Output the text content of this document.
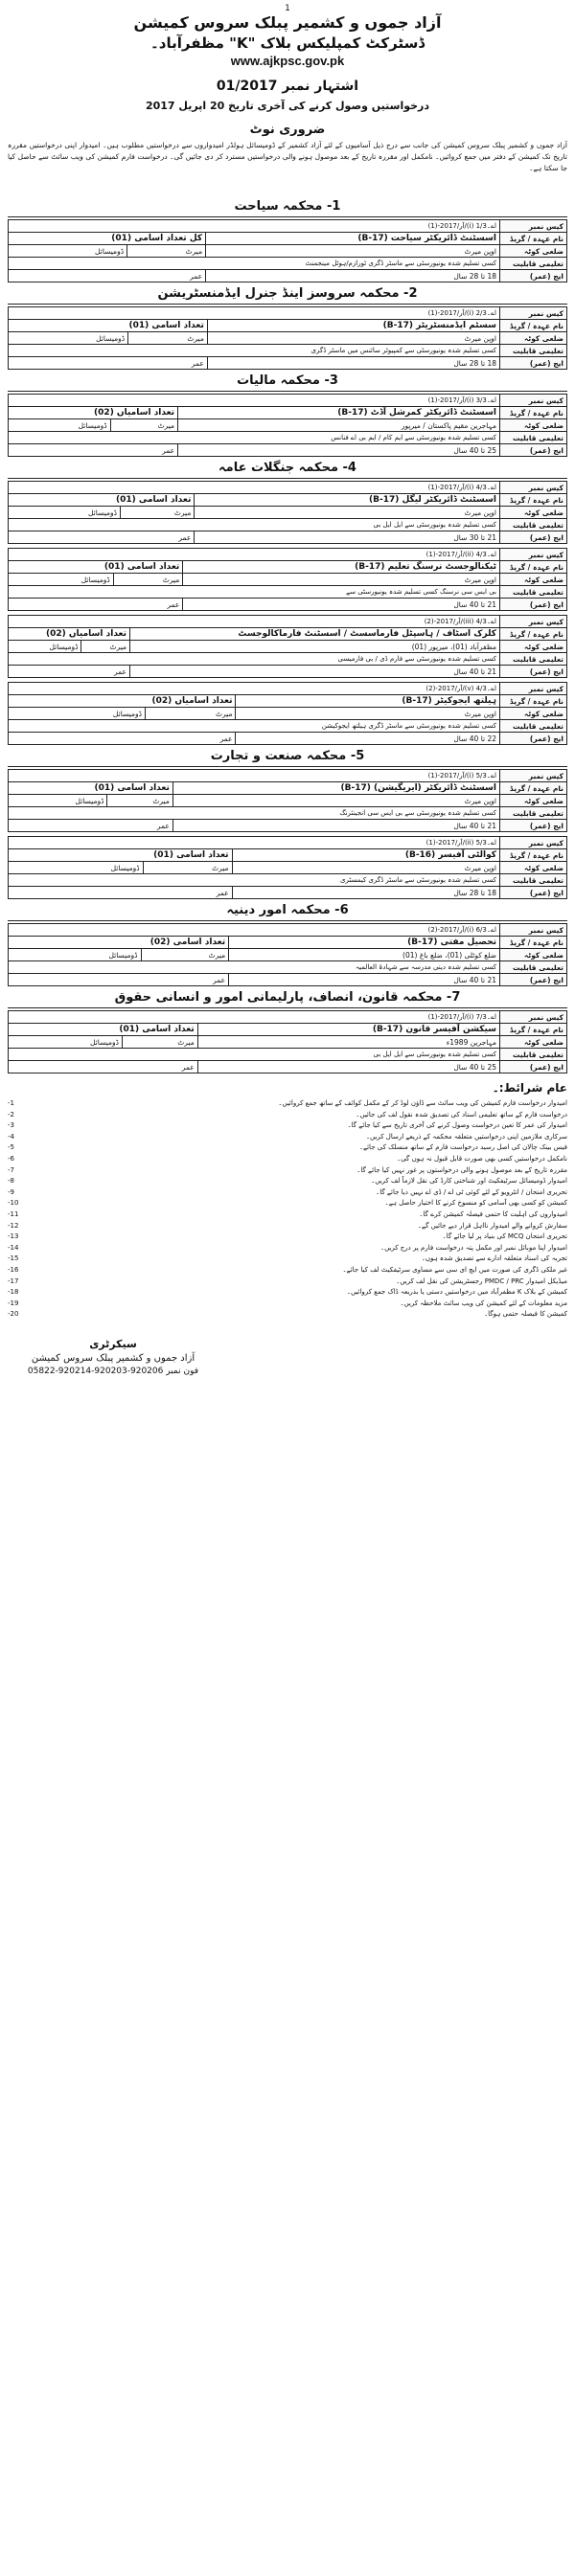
1
آزاد جموں و کشمیر پبلک سروس کمیشن
ڈسٹرکٹ کمپلیکس بلاک "K" مظفرآباد۔
www.ajkpsc.gov.pk
اشتہار نمبر 01/2017
درخواستیں وصول کرنے کی آخری تاریخ 20 اپریل 2017
ضروری نوٹ
آزاد جموں و کشمیر پبلک سروس کمیشن کی جانب سے درج ذیل آسامیوں کے لئے آزاد کشمیر کے ڈومیسائل ہولڈر امیدواروں سے درخواستیں مطلوب ہیں۔ امیدوار اپنی درخواستیں مقررہ تاریخ تک کمیشن کے دفتر میں جمع کروائیں۔ نامکمل اور مقررہ تاریخ کے بعد موصول ہونے والی درخواستیں مسترد کر دی جائیں گی۔ درخواست فارم کمیشن کی ویب سائٹ سے حاصل کیا جا سکتا ہے۔
1- محکمہ سیاحت
کیس نمبر	اے۔1/3 (i)/آر/2017-(1)		
نام عہدہ / گریڈ	اسسٹنٹ ڈائریکٹر سیاحت (B-17)	کل تعداد اسامی (01)	
ضلعی کوٹہ	اوپن میرٹ	میرٹ	ڈومیسائل
تعلیمی قابلیت	کسی تسلیم شدہ یونیورسٹی سے ماسٹر ڈگری ٹورازم/ہوٹل مینجمنٹ		
ایج (عمر)	18 تا 28 سال	عمر	
2- محکمہ سروسز اینڈ جنرل ایڈمنسٹریشن
کیس نمبر	اے۔2/3 (i)/آر/2017-(1)		
نام عہدہ / گریڈ	سسٹم ایڈمنسٹریٹر (B-17)	تعداد اسامی (01)	
ضلعی کوٹہ	اوپن میرٹ	میرٹ	ڈومیسائل
تعلیمی قابلیت	کسی تسلیم شدہ یونیورسٹی سے کمپیوٹر سائنس میں ماسٹر ڈگری		
ایج (عمر)	18 تا 28 سال	عمر	
3- محکمہ مالیات
کیس نمبر	اے۔3/3 (i)/آر/2017-(1)		
نام عہدہ / گریڈ	اسسٹنٹ ڈائریکٹر کمرشل آڈٹ (B-17)	تعداد اسامیاں (02)	
ضلعی کوٹہ	مہاجرین مقیم پاکستان / میرپور	میرٹ	ڈومیسائل
تعلیمی قابلیت	کسی تسلیم شدہ یونیورسٹی سے ایم کام / ایم بی اے فنانس		
ایج (عمر)	25 تا 40 سال	عمر	
4- محکمہ جنگلات عامہ
کیس نمبر	اے۔4/3 (i)/آر/2017-(1)		
نام عہدہ / گریڈ	اسسٹنٹ ڈائریکٹر لیگل (B-17)	تعداد اسامی (01)	
ضلعی کوٹہ	اوپن میرٹ	میرٹ	ڈومیسائل
تعلیمی قابلیت	کسی تسلیم شدہ یونیورسٹی سے ایل ایل بی		
ایج (عمر)	21 تا 30 سال	عمر	
کیس نمبر	اے۔4/3 (ii)/آر/2017-(1)		
نام عہدہ / گریڈ	ٹیکنالوجسٹ نرسنگ تعلیم (B-17)	تعداد اسامی (01)	
ضلعی کوٹہ	اوپن میرٹ	میرٹ	ڈومیسائل
تعلیمی قابلیت	بی ایس سی نرسنگ کسی تسلیم شدہ یونیورسٹی سے		
ایج (عمر)	21 تا 40 سال	عمر	
کیس نمبر	اے۔4/3 (iii)/آر/2017-(2)		
نام عہدہ / گریڈ	کلرک اسٹاف / ہاسپٹل فارماسسٹ / اسسٹنٹ فارماکالوجسٹ	تعداد اسامیاں (02)	
ضلعی کوٹہ	مظفرآباد (01)، میرپور (01)	میرٹ	ڈومیسائل
تعلیمی قابلیت	کسی تسلیم شدہ یونیورسٹی سے فارم ڈی / بی فارمیسی		
ایج (عمر)	21 تا 40 سال	عمر	
کیس نمبر	اے۔4/3 (v)/آر/2017-(2)		
نام عہدہ / گریڈ	ہیلتھ ایجوکیٹر (B-17)	تعداد اسامیاں (02)	
ضلعی کوٹہ	اوپن میرٹ	میرٹ	ڈومیسائل
تعلیمی قابلیت	کسی تسلیم شدہ یونیورسٹی سے ماسٹر ڈگری ہیلتھ ایجوکیشن		
ایج (عمر)	22 تا 40 سال	عمر	
5- محکمہ صنعت و تجارت
کیس نمبر	اے۔5/3 (i)/آر/2017-(1)		
نام عہدہ / گریڈ	اسسٹنٹ ڈائریکٹر (ایریگیشن) (B-17)	تعداد اسامی (01)	
ضلعی کوٹہ	اوپن میرٹ	میرٹ	ڈومیسائل
تعلیمی قابلیت	کسی تسلیم شدہ یونیورسٹی سے بی ایس سی انجینئرنگ		
ایج (عمر)	21 تا 40 سال	عمر	
کیس نمبر	اے۔5/3 (ii)/آر/2017-(1)		
نام عہدہ / گریڈ	کوالٹی آفیسر (B-16)	تعداد اسامی (01)	
ضلعی کوٹہ	اوپن میرٹ	میرٹ	ڈومیسائل
تعلیمی قابلیت	کسی تسلیم شدہ یونیورسٹی سے ماسٹر ڈگری کیمسٹری		
ایج (عمر)	18 تا 28 سال	عمر	
6- محکمہ امور دینیہ
کیس نمبر	اے۔6/3 (i)/آر/2017-(2)		
نام عہدہ / گریڈ	تحصیل مفتی (B-17)	تعداد اسامی (02)	
ضلعی کوٹہ	ضلع کوٹلی (01)، ضلع باغ (01)	میرٹ	ڈومیسائل
تعلیمی قابلیت	کسی تسلیم شدہ دینی مدرسہ سے شہادۃ العالمیہ		
ایج (عمر)	21 تا 40 سال	عمر	
7- محکمہ قانون، انصاف، پارلیمانی امور و انسانی حقوق
کیس نمبر	اے۔7/3 (i)/آر/2017-(1)		
نام عہدہ / گریڈ	سیکشن آفیسر قانون (B-17)	تعداد اسامی (01)	
ضلعی کوٹہ	مہاجرین 1989ء	میرٹ	ڈومیسائل
تعلیمی قابلیت	کسی تسلیم شدہ یونیورسٹی سے ایل ایل بی		
ایج (عمر)	25 تا 40 سال	عمر	
عام شرائط:۔
امیدوار درخواست فارم کمیشن کی ویب سائٹ سے ڈاؤن لوڈ کر کے مکمل کوائف کے ساتھ جمع کروائیں۔
1-
درخواست فارم کے ساتھ تعلیمی اسناد کی تصدیق شدہ نقول لف کی جائیں۔
2-
امیدوار کی عمر کا تعین درخواست وصول کرنے کی آخری تاریخ سے کیا جائے گا۔
3-
سرکاری ملازمین اپنی درخواستیں متعلقہ محکمہ کے ذریعے ارسال کریں۔
4-
فیس بینک چالان کی اصل رسید درخواست فارم کے ساتھ منسلک کی جائے۔
5-
نامکمل درخواستیں کسی بھی صورت قابل قبول نہ ہوں گی۔
6-
مقررہ تاریخ کے بعد موصول ہونے والی درخواستوں پر غور نہیں کیا جائے گا۔
7-
امیدوار ڈومیسائل سرٹیفکیٹ اور شناختی کارڈ کی نقل لازماً لف کریں۔
8-
تحریری امتحان / انٹرویو کے لئے کوئی ٹی اے / ڈی اے نہیں دیا جائے گا۔
9-
کمیشن کو کسی بھی آسامی کو منسوخ کرنے کا اختیار حاصل ہے۔
10-
امیدواروں کی اہلیت کا حتمی فیصلہ کمیشن کرے گا۔
11-
سفارش کروانے والے امیدوار نااہل قرار دیے جائیں گے۔
12-
تحریری امتحان MCQ کی بنیاد پر لیا جائے گا۔
13-
امیدوار اپنا موبائل نمبر اور مکمل پتہ درخواست فارم پر درج کریں۔
14-
تجربہ کی اسناد متعلقہ ادارے سے تصدیق شدہ ہوں۔
15-
غیر ملکی ڈگری کی صورت میں ایچ ای سی سے مساوی سرٹیفکیٹ لف کیا جائے۔
16-
میڈیکل امیدوار PMDC / PRC رجسٹریشن کی نقل لف کریں۔
17-
کمیشن کے بلاک K مظفرآباد میں درخواستیں دستی یا بذریعہ ڈاک جمع کروائیں۔
18-
مزید معلومات کے لئے کمیشن کی ویب سائٹ ملاحظہ کریں۔
19-
کمیشن کا فیصلہ حتمی ہوگا۔
20-
سیکرٹری
آزاد جموں و کشمیر پبلک سروس کمیشن
فون نمبر 05822-920214-920203-920206
